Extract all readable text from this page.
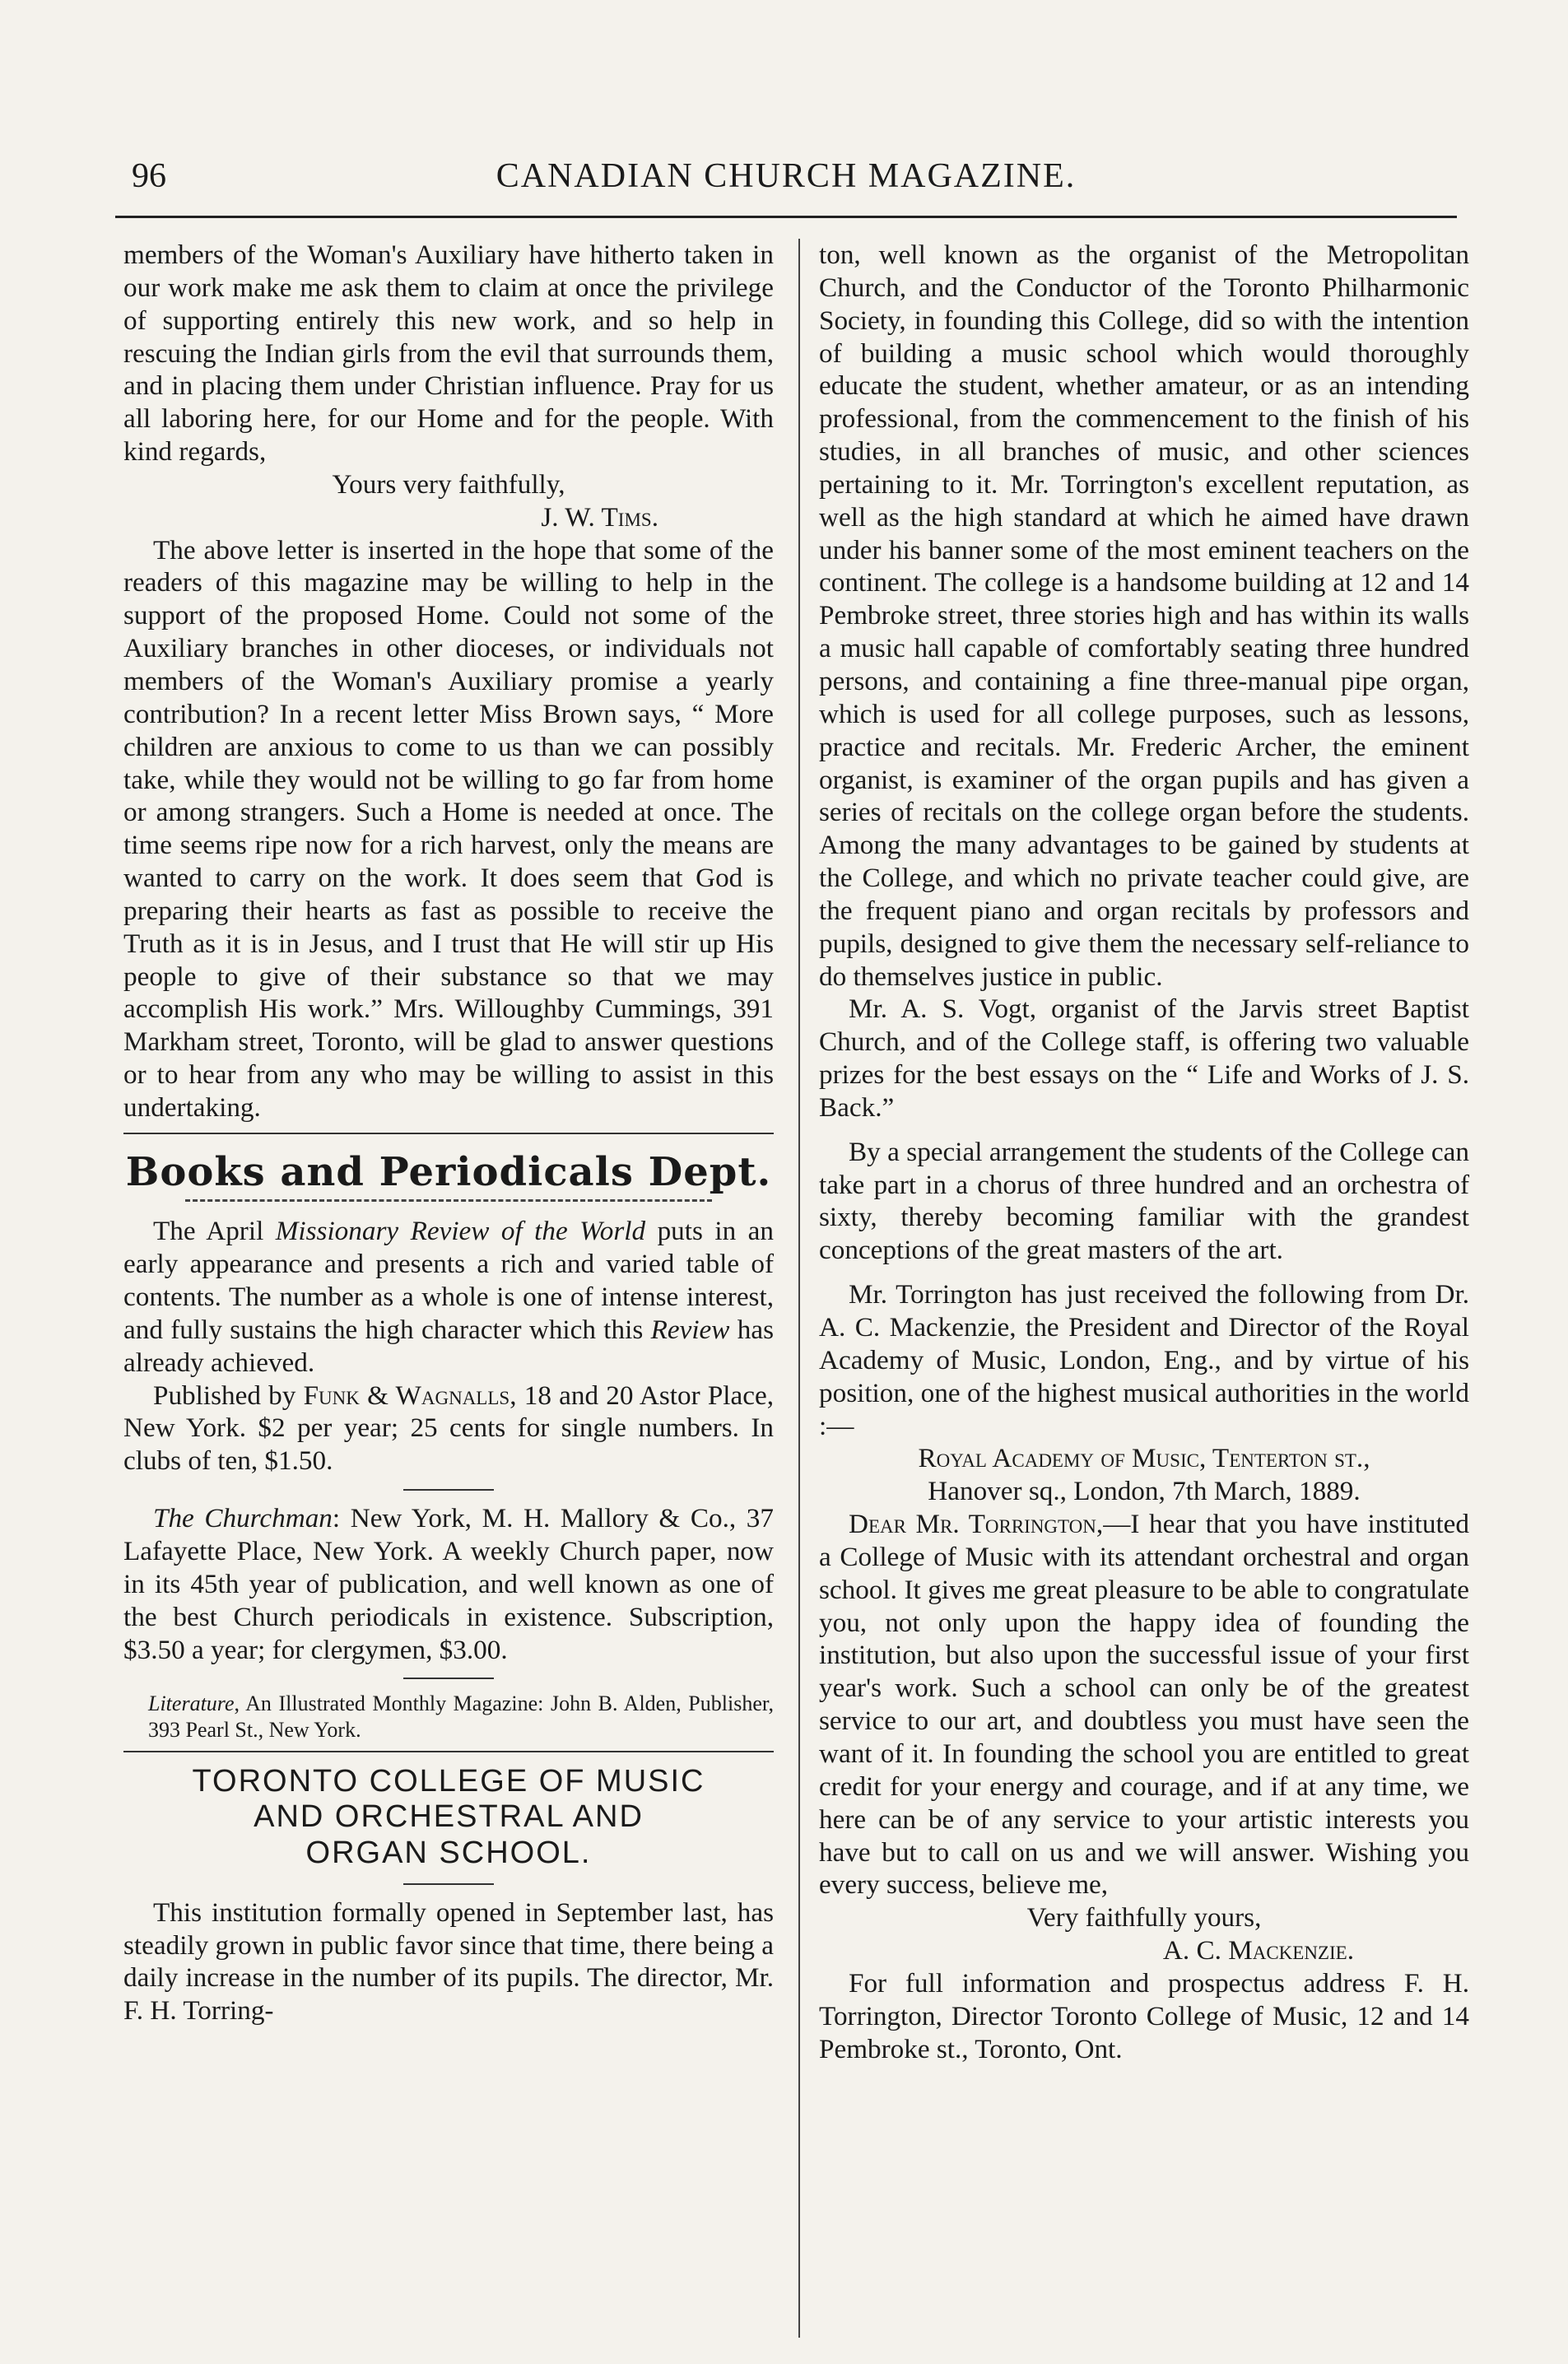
96	CANADIAN CHURCH MAGAZINE.

members of the Woman's Auxiliary have hitherto taken in our work make me ask them to claim at once the privilege of supporting entirely this new work, and so help in rescuing the Indian girls from the evil that surrounds them, and in placing them under Christian influence. Pray for us all laboring here, for our Home and for the people. With kind regards,

Yours very faithfully,

J. W. Tims.

The above letter is inserted in the hope that some of the readers of this magazine may be willing to help in the support of the proposed Home. Could not some of the Auxiliary branches in other dioceses, or individuals not members of the Woman's Auxiliary promise a yearly contribution? In a recent letter Miss Brown says, “ More children are anxious to come to us than we can possibly take, while they would not be willing to go far from home or among strangers. Such a Home is needed at once. The time seems ripe now for a rich harvest, only the means are wanted to carry on the work. It does seem that God is preparing their hearts as fast as possible to receive the Truth as it is in Jesus, and I trust that He will stir up His people to give of their substance so that we may accomplish His work.” Mrs. Willoughby Cummings, 391 Markham street, Toronto, will be glad to answer questions or to hear from any who may be willing to assist in this undertaking.

Books and Periodicals Dept.

The April Missionary Review of the World puts in an early appearance and presents a rich and varied table of contents. The number as a whole is one of intense interest, and fully sustains the high character which this Review has already achieved.

Published by Funk & Wagnalls, 18 and 20 Astor Place, New York. $2 per year; 25 cents for single numbers. In clubs of ten, $1.50.

The Churchman: New York, M. H. Mallory & Co., 37 Lafayette Place, New York. A weekly Church paper, now in its 45th year of publication, and well known as one of the best Church periodicals in existence. Subscription, $3.50 a year; for clergymen, $3.00.

Literature, An Illustrated Monthly Magazine: John B. Alden, Publisher, 393 Pearl St., New York.

TORONTO COLLEGE OF MUSIC
AND ORCHESTRAL AND
ORGAN SCHOOL.

This institution formally opened in September last, has steadily grown in public favor since that time, there being a daily increase in the number of its pupils. The director, Mr. F. H. Torring-

ton, well known as the organist of the Metropolitan Church, and the Conductor of the Toronto Philharmonic Society, in founding this College, did so with the intention of building a music school which would thoroughly educate the student, whether amateur, or as an intending professional, from the commencement to the finish of his studies, in all branches of music, and other sciences pertaining to it. Mr. Torrington's excellent reputation, as well as the high standard at which he aimed have drawn under his banner some of the most eminent teachers on the continent. The college is a handsome building at 12 and 14 Pembroke street, three stories high and has within its walls a music hall capable of comfortably seating three hundred persons, and containing a fine three-manual pipe organ, which is used for all college purposes, such as lessons, practice and recitals. Mr. Frederic Archer, the eminent organist, is examiner of the organ pupils and has given a series of recitals on the college organ before the students. Among the many advantages to be gained by students at the College, and which no private teacher could give, are the frequent piano and organ recitals by professors and pupils, designed to give them the necessary self-reliance to do themselves justice in public.

Mr. A. S. Vogt, organist of the Jarvis street Baptist Church, and of the College staff, is offering two valuable prizes for the best essays on the “ Life and Works of J. S. Back.”

By a special arrangement the students of the College can take part in a chorus of three hundred and an orchestra of sixty, thereby becoming familiar with the grandest conceptions of the great masters of the art.

Mr. Torrington has just received the following from Dr. A. C. Mackenzie, the President and Director of the Royal Academy of Music, London, Eng., and by virtue of his position, one of the highest musical authorities in the world :—

Royal Academy of Music, Tenterton st.,

Hanover sq., London, 7th March, 1889.

Dear Mr. Torrington,—I hear that you have instituted a College of Music with its attendant orchestral and organ school. It gives me great pleasure to be able to congratulate you, not only upon the happy idea of founding the institution, but also upon the successful issue of your first year's work. Such a school can only be of the greatest service to our art, and doubtless you must have seen the want of it. In founding the school you are entitled to great credit for your energy and courage, and if at any time, we here can be of any service to your artistic interests you have but to call on us and we will answer. Wishing you every success, believe me,

Very faithfully yours,

A. C. Mackenzie.

For full information and prospectus address F. H. Torrington, Director Toronto College of Music, 12 and 14 Pembroke st., Toronto, Ont.
